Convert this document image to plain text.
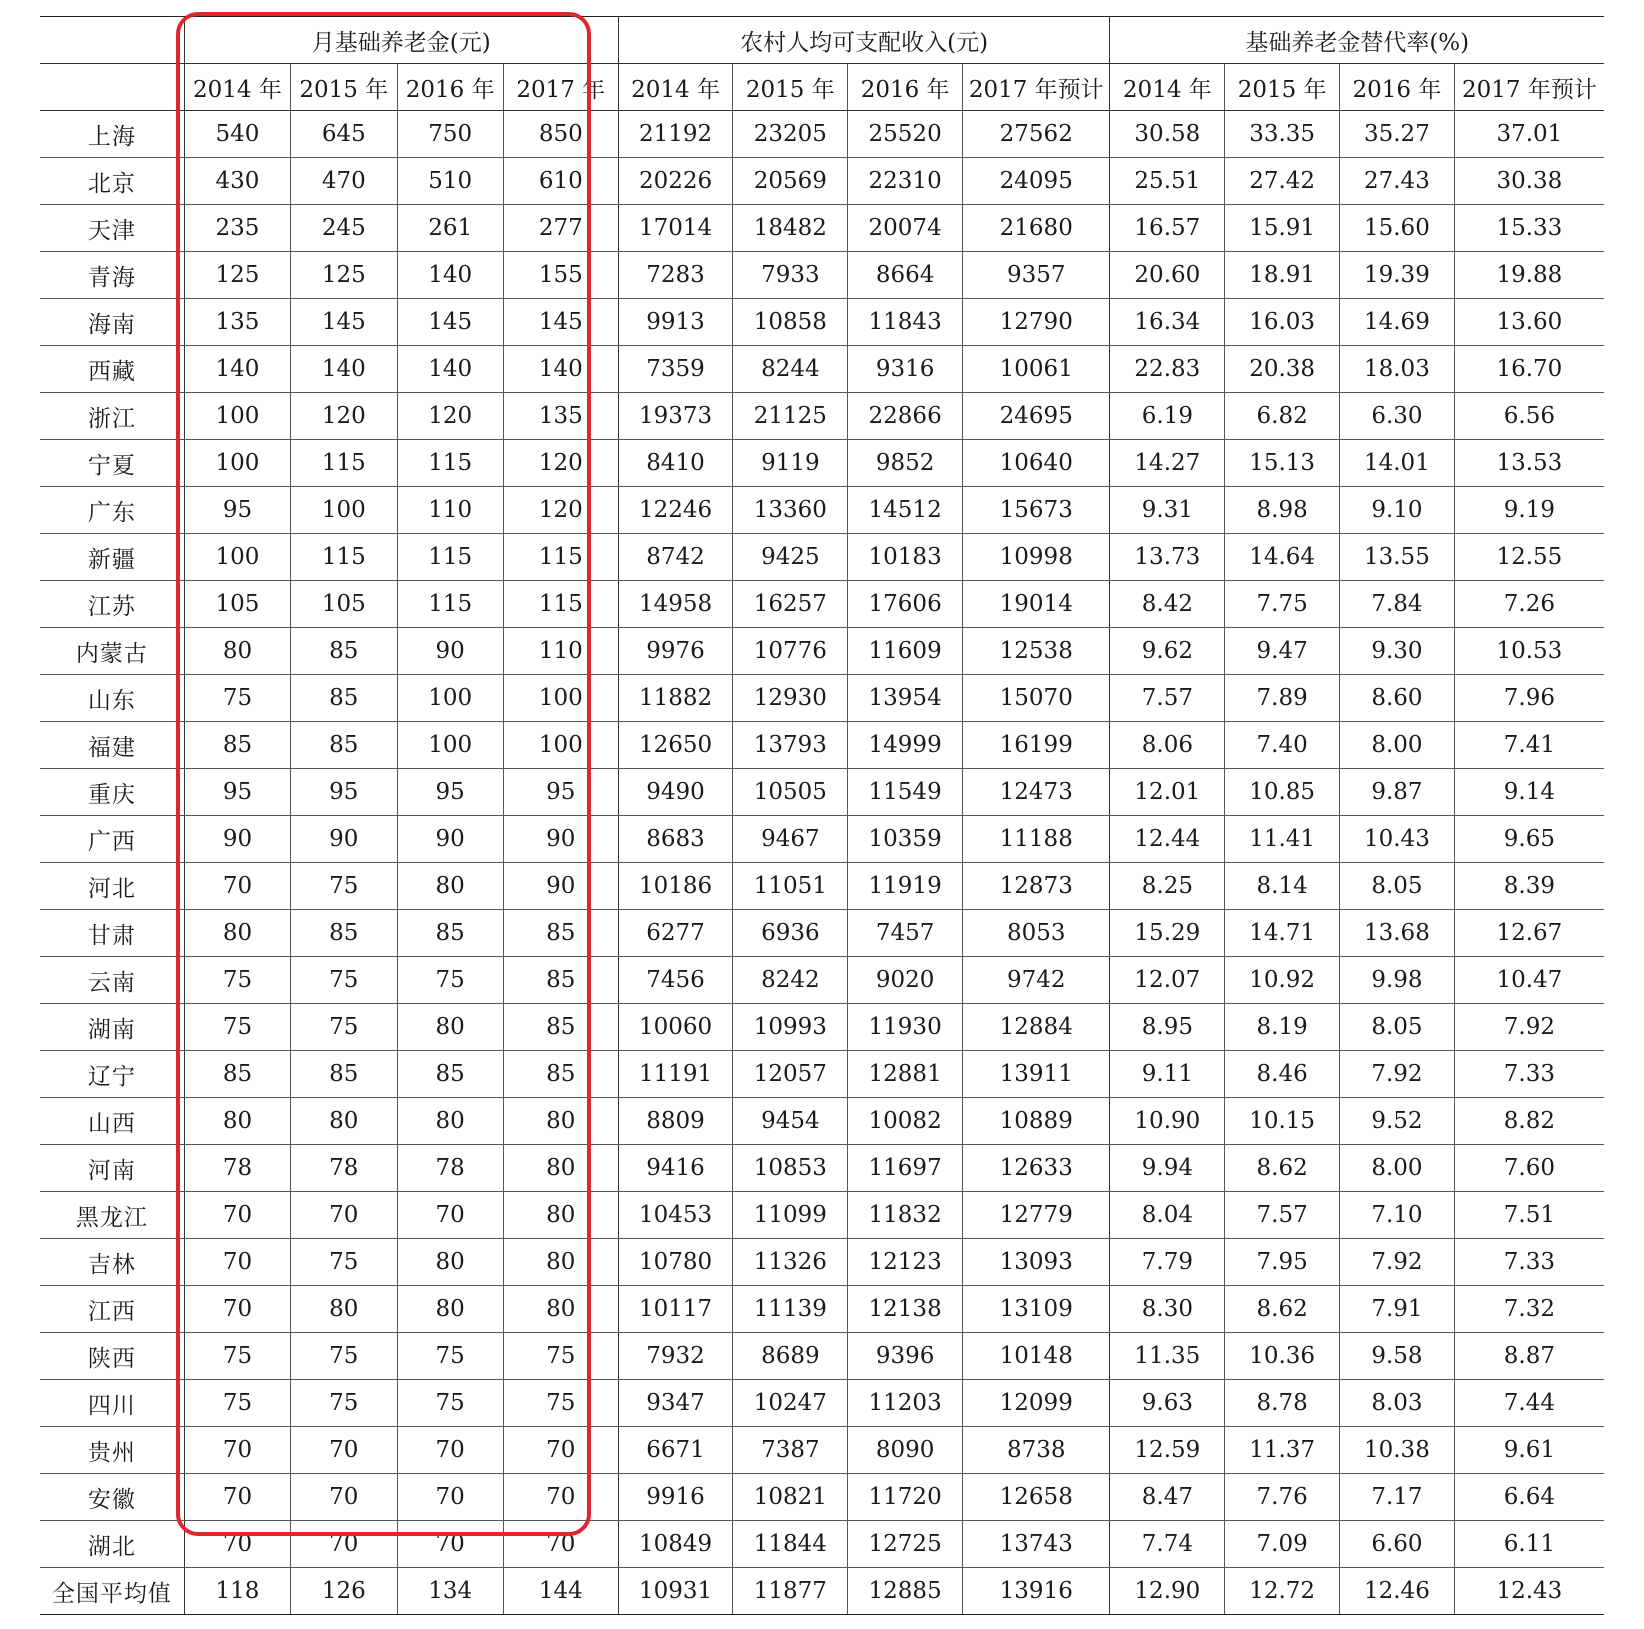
	月基础养老金(元)				农村人均可支配收入(元)				基础养老金替代率(%)			
	2014 年	2015 年	2016 年	2017 年	2014 年	2015 年	2016 年	2017 年预计	2014 年	2015 年	2016 年	2017 年预计
上海	540	645	750	850	21192	23205	25520	27562	30.58	33.35	35.27	37.01
北京	430	470	510	610	20226	20569	22310	24095	25.51	27.42	27.43	30.38
天津	235	245	261	277	17014	18482	20074	21680	16.57	15.91	15.60	15.33
青海	125	125	140	155	7283	7933	8664	9357	20.60	18.91	19.39	19.88
海南	135	145	145	145	9913	10858	11843	12790	16.34	16.03	14.69	13.60
西藏	140	140	140	140	7359	8244	9316	10061	22.83	20.38	18.03	16.70
浙江	100	120	120	135	19373	21125	22866	24695	6.19	6.82	6.30	6.56
宁夏	100	115	115	120	8410	9119	9852	10640	14.27	15.13	14.01	13.53
广东	95	100	110	120	12246	13360	14512	15673	9.31	8.98	9.10	9.19
新疆	100	115	115	115	8742	9425	10183	10998	13.73	14.64	13.55	12.55
江苏	105	105	115	115	14958	16257	17606	19014	8.42	7.75	7.84	7.26
内蒙古	80	85	90	110	9976	10776	11609	12538	9.62	9.47	9.30	10.53
山东	75	85	100	100	11882	12930	13954	15070	7.57	7.89	8.60	7.96
福建	85	85	100	100	12650	13793	14999	16199	8.06	7.40	8.00	7.41
重庆	95	95	95	95	9490	10505	11549	12473	12.01	10.85	9.87	9.14
广西	90	90	90	90	8683	9467	10359	11188	12.44	11.41	10.43	9.65
河北	70	75	80	90	10186	11051	11919	12873	8.25	8.14	8.05	8.39
甘肃	80	85	85	85	6277	6936	7457	8053	15.29	14.71	13.68	12.67
云南	75	75	75	85	7456	8242	9020	9742	12.07	10.92	9.98	10.47
湖南	75	75	80	85	10060	10993	11930	12884	8.95	8.19	8.05	7.92
辽宁	85	85	85	85	11191	12057	12881	13911	9.11	8.46	7.92	7.33
山西	80	80	80	80	8809	9454	10082	10889	10.90	10.15	9.52	8.82
河南	78	78	78	80	9416	10853	11697	12633	9.94	8.62	8.00	7.60
黑龙江	70	70	70	80	10453	11099	11832	12779	8.04	7.57	7.10	7.51
吉林	70	75	80	80	10780	11326	12123	13093	7.79	7.95	7.92	7.33
江西	70	80	80	80	10117	11139	12138	13109	8.30	8.62	7.91	7.32
陕西	75	75	75	75	7932	8689	9396	10148	11.35	10.36	9.58	8.87
四川	75	75	75	75	9347	10247	11203	12099	9.63	8.78	8.03	7.44
贵州	70	70	70	70	6671	7387	8090	8738	12.59	11.37	10.38	9.61
安徽	70	70	70	70	9916	10821	11720	12658	8.47	7.76	7.17	6.64
湖北	70	70	70	70	10849	11844	12725	13743	7.74	7.09	6.60	6.11
全国平均值	118	126	134	144	10931	11877	12885	13916	12.90	12.72	12.46	12.43
